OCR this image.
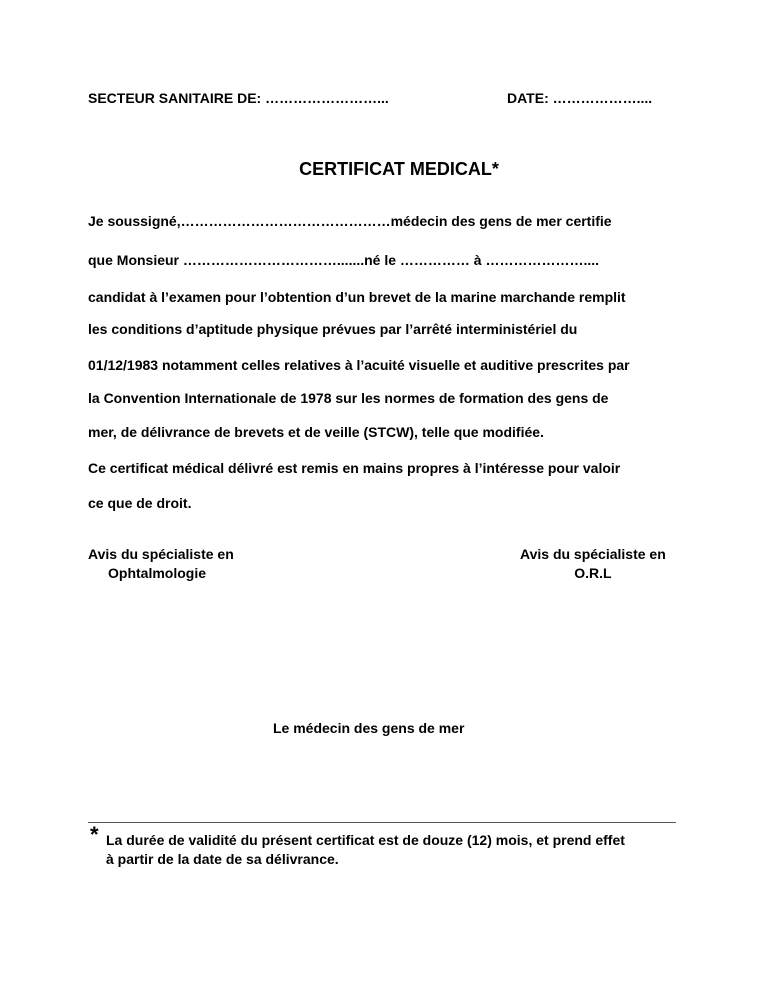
SECTEUR SANITAIRE DE: ……………………...	DATE: ………………....
CERTIFICAT MEDICAL*
Je soussigné,………………………………………médecin des gens de mer certifie
que Monsieur …………………………….......né le …………… à …………………....
candidat à l’examen pour l’obtention d’un brevet de la marine marchande remplit
les conditions d’aptitude physique prévues par l’arrêté interministériel du
01/12/1983 notamment celles relatives à l’acuité visuelle et auditive prescrites par
la Convention Internationale de 1978 sur les normes de formation des gens de
mer, de délivrance de brevets et de veille (STCW), telle que modifiée.
Ce certificat médical délivré est remis en mains propres à l’intéresse pour valoir
ce que de droit.
Avis du spécialiste en
Ophtalmologie
Avis du spécialiste en
O.R.L
Le médecin des gens de mer
* La durée de validité du présent certificat est de douze (12) mois, et prend effet
à partir de la date de sa délivrance.
